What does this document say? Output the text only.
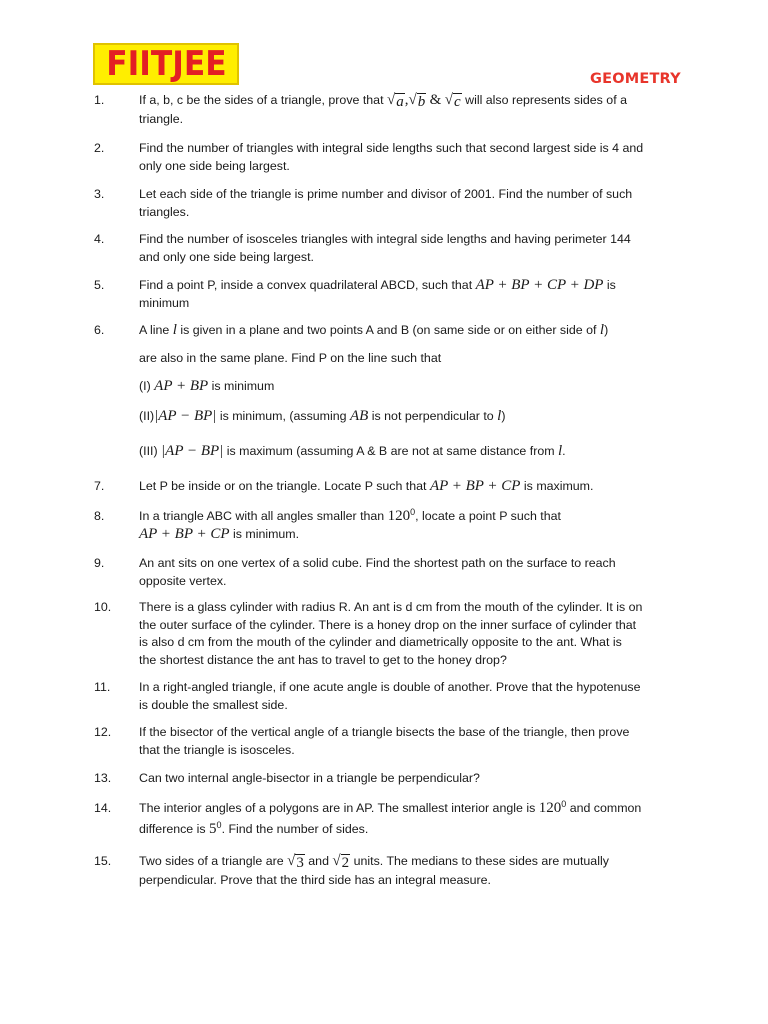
FIITJEE	GEOMETRY
1.	If a, b, c be the sides of a triangle, prove that √ a , √ b & √ c will also represents sides of a
triangle.
2.	Find the number of triangles with integral side lengths such that second largest side is 4 and
only one side being largest.
3.	Let each side of the triangle is prime number and divisor of 2001. Find the number of such
triangles.
4.	Find the number of isosceles triangles with integral side lengths and having perimeter 144
and only one side being largest.
5.	Find a point P, inside a convex quadrilateral ABCD, such that AP + BP + CP + DP is
minimum
6.	A line l is given in a plane and two points A and B (on same side or on either side of l)
are also in the same plane. Find P on the line such that
(I) AP + BP is minimum
(II)|AP − BP| is minimum, (assuming AB is not perpendicular to l)
(III) |AP − BP| is maximum (assuming A & B are not at same distance from l.
7.	Let P be inside or on the triangle. Locate P such that AP + BP + CP is maximum.
8.	In a triangle ABC with all angles smaller than $120^0$, locate a point P such that
AP + BP + CP is minimum.
9.	An ant sits on one vertex of a solid cube. Find the shortest path on the surface to reach
opposite vertex.
10. There is a glass cylinder with radius R. An ant is d cm from the mouth of the cylinder. It is on
the outer surface of the cylinder. There is a honey drop on the inner surface of cylinder that
is also d cm from the mouth of the cylinder and diametrically opposite to the ant. What is
the shortest distance the ant has to travel to get to the honey drop?
11. In a right-angled triangle, if one acute angle is double of another. Prove that the hypotenuse
is double the smallest side.
12. If the bisector of the vertical angle of a triangle bisects the base of the triangle, then prove
that the triangle is isosceles.
13. Can two internal angle-bisector in a triangle be perpendicular?
14. The interior angles of a polygons are in AP. The smallest interior angle is $120^0$ and common
difference is $5^0$. Find the number of sides.
15. Two sides of a triangle are √ 3 and √ 2 units. The medians to these sides are mutually
perpendicular. Prove that the third side has an integral measure.
